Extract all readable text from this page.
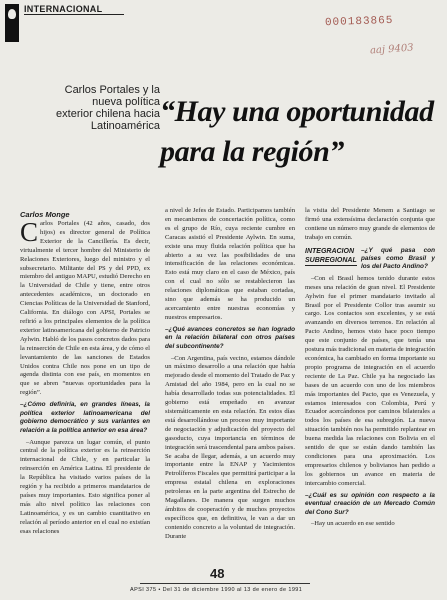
INTERNACIONAL
000183865
aaj 9403
Carlos Portales y la nueva política exterior chilena hacia Latinoamérica “Hay una oportunidad para la región”
Carlos Monge

Carlos Portales (42 años, casado, dos hijos) es director general de Política Exterior de la Cancillería. Es decir, virtualmente el tercer hombre del Ministerio de Relaciones Exteriores, luego del ministro y el subsecretario. Militante del PS y del PPD, ex miembro del antiguo MAPU, estudió Derecho en la Universidad de Chile y tiene, entre otros antecedentes académicos, un doctorado en Ciencias Políticas de la Universidad de Stanford, California. En diálogo con APSI, Portales se refirió a los principales elementos de la política exterior latinoamericana del gobierno de Patricio Aylwin. Habló de los pasos concretos dados para la reinserción de Chile en esta área, y de cómo el levantamiento de las sanciones de Estados Unidos contra Chile nos pone en un tipo de agenda distinta con ese país, en momentos en que se abren “nuevas oportunidades para la región”.

–¿Cómo definiría, en grandes líneas, la política exterior latinoamericana del gobierno democrático y sus variantes en relación a la política anterior en esa área?

–Aunque parezca un lugar común, el punto central de la política exterior es la reinserción internacional de Chile, y en particular la reinserción en América Latina. El presidente de la República ha visitado varios países de la región y ha recibido a primeros mandatarios de países muy importantes. Esto significa poner al más alto nivel político las relaciones con Latinoamérica, y es un cambio cuantitativo en relación al período anterior en el cual no existían esas relaciones

a nivel de Jefes de Estado. Participamos también en mecanismos de concertación política, como es el grupo de Río, cuya reciente cumbre en Caracas asistió el Presidente Aylwin. En suma, existe una muy fluida relación política que ha abierto a su vez las posibilidades de una intensificación de las relaciones económicas. Esto está muy claro en el caso de México, país con el cual no sólo se restablecieron las relaciones diplomáticas que estaban cortadas, sino que además se ha producido un acercamiento entre nuestras economías y nuestros empresarios.

–¿Qué avances concretos se han logrado en la relación bilateral con otros países del subcontinente?

–Con Argentina, país vecino, estamos dándole un máximo desarrollo a una relación que había mejorado desde el momento del Tratado de Paz y Amistad del año 1984, pero en la cual no se había desarrollado todas sus potencialidades. El gobierno está empeñado en avanzar sistemáticamente en esta relación. En estos días está desarrollándose un proceso muy importante de negociación y adjudicación del proyecto del gasoducto, cuya importancia en términos de integración será trascendental para ambos países. Se acaba de llegar, además, a un acuerdo muy importante entre la ENAP y Yacimientos Petrolíferos Fiscales que permitirá participar a la empresa estatal chilena en exploraciones petroleras en la parte argentina del Estrecho de Magallanes. De manera que surgen muchos ámbitos de cooperación y de muchos proyectos específicos que, en definitiva, le van a dar un contenido concreto a la voluntad de integración. Durante

la visita del Presidente Menem a Santiago se firmó una extensísima declaración conjunta que contiene un número muy grande de elementos de trabajo en común.

INTEGRACION SUBREGIONAL
–¿Y qué pasa con países como Brasil y los del Pacto Andino?

–Con el Brasil hemos tenido durante estos meses una relación de gran nivel. El Presidente Aylwin fue el primer mandatario invitado al Brasil por el Presidente Collor tras asumir su cargo. Los contactos son excelentes, y se está avanzando en diversos terrenos. En relación al Pacto Andino, hemos visto hace poco tiempo que este conjunto de países, que tenía una postura más tradicional en materia de integración económica, ha cambiado en forma importante su propio programa de integración en el acuerdo reciente de La Paz. Chile ya ha negociado las bases de un acuerdo con uno de los miembros más importantes del Pacto, que es Venezuela, y estamos interesados con Colombia, Perú y Ecuador acercándonos por caminos bilaterales a todos los países de esa subregión. La nueva situación también nos ha permitido replantear en buena medida las relaciones con Bolivia en el sentido de que se están dando también las condiciones para una aproximación. Los empresarios chilenos y bolivianos han pedido a los gobiernos un avance en materia de intercambio comercial.

–¿Cuál es su opinión con respecto a la eventual creación de un Mercado Común del Cono Sur?

–Hay un acuerdo en ese sentido

48
APSI 375 • Del 31 de diciembre 1990 al 13 de enero de 1991
